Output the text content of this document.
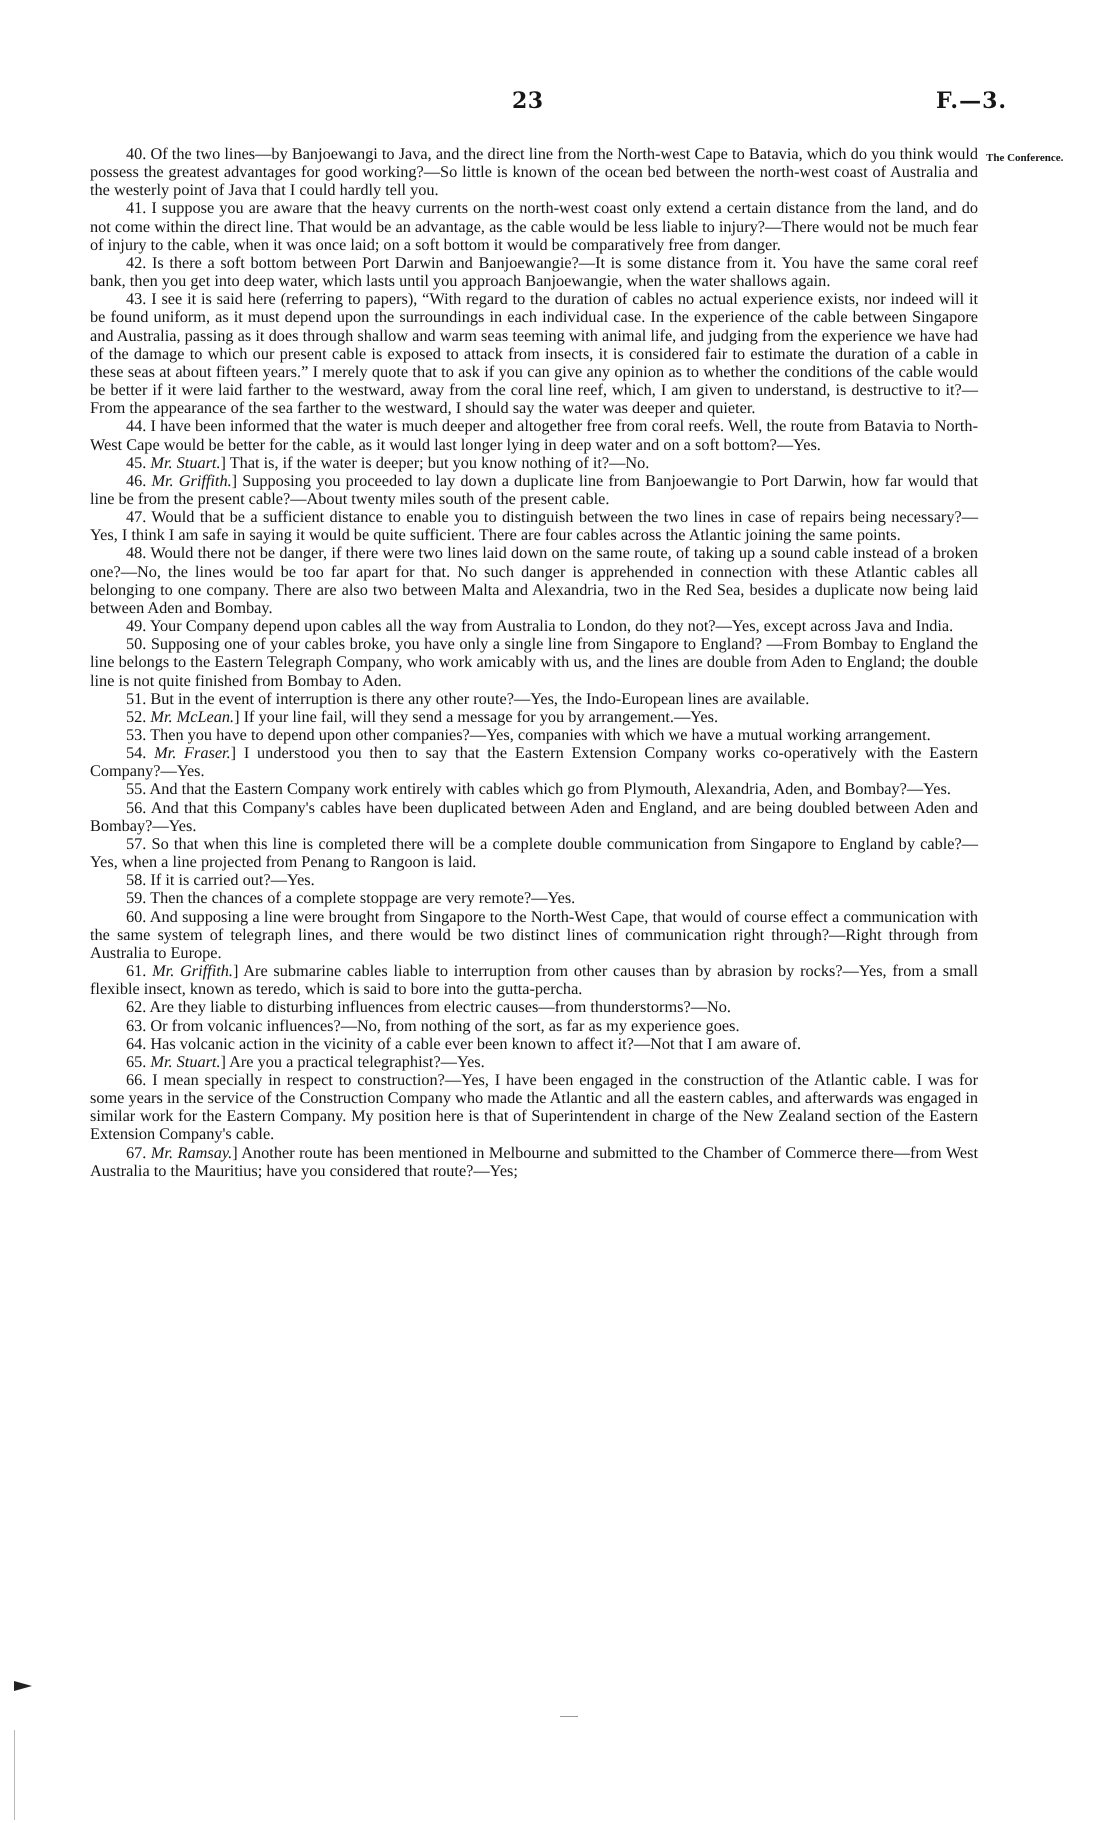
23	F.—3.
The Conference.

40. Of the two lines—by Banjoewangi to Java, and the direct line from the North-west Cape to Batavia, which do you think would possess the greatest advantages for good working?—So little is known of the ocean bed between the north-west coast of Australia and the westerly point of Java that I could hardly tell you.

41. I suppose you are aware that the heavy currents on the north-west coast only extend a certain distance from the land, and do not come within the direct line. That would be an advantage, as the cable would be less liable to injury?—There would not be much fear of injury to the cable, when it was once laid; on a soft bottom it would be comparatively free from danger.

42. Is there a soft bottom between Port Darwin and Banjoewangie?—It is some distance from it. You have the same coral reef bank, then you get into deep water, which lasts until you approach Banjoewangie, when the water shallows again.

43. I see it is said here (referring to papers), “With regard to the duration of cables no actual experience exists, nor indeed will it be found uniform, as it must depend upon the surroundings in each individual case. In the experience of the cable between Singapore and Australia, passing as it does through shallow and warm seas teeming with animal life, and judging from the experience we have had of the damage to which our present cable is exposed to attack from insects, it is considered fair to estimate the duration of a cable in these seas at about fifteen years.” I merely quote that to ask if you can give any opinion as to whether the conditions of the cable would be better if it were laid farther to the westward, away from the coral line reef, which, I am given to understand, is destructive to it?—From the appearance of the sea farther to the westward, I should say the water was deeper and quieter.

44. I have been informed that the water is much deeper and altogether free from coral reefs. Well, the route from Batavia to North-West Cape would be better for the cable, as it would last longer lying in deep water and on a soft bottom?—Yes.

45. Mr. Stuart.] That is, if the water is deeper; but you know nothing of it?—No.

46. Mr. Griffith.] Supposing you proceeded to lay down a duplicate line from Banjoewangie to Port Darwin, how far would that line be from the present cable?—About twenty miles south of the present cable.

47. Would that be a sufficient distance to enable you to distinguish between the two lines in case of repairs being necessary?—Yes, I think I am safe in saying it would be quite sufficient. There are four cables across the Atlantic joining the same points.

48. Would there not be danger, if there were two lines laid down on the same route, of taking up a sound cable instead of a broken one?—No, the lines would be too far apart for that. No such danger is apprehended in connection with these Atlantic cables all belonging to one company. There are also two between Malta and Alexandria, two in the Red Sea, besides a duplicate now being laid between Aden and Bombay.

49. Your Company depend upon cables all the way from Australia to London, do they not?—Yes, except across Java and India.

50. Supposing one of your cables broke, you have only a single line from Singapore to England? —From Bombay to England the line belongs to the Eastern Telegraph Company, who work amicably with us, and the lines are double from Aden to England; the double line is not quite finished from Bombay to Aden.

51. But in the event of interruption is there any other route?—Yes, the Indo-European lines are available.

52. Mr. McLean.] If your line fail, will they send a message for you by arrangement.—Yes.

53. Then you have to depend upon other companies?—Yes, companies with which we have a mutual working arrangement.

54. Mr. Fraser.] I understood you then to say that the Eastern Extension Company works co-operatively with the Eastern Company?—Yes.

55. And that the Eastern Company work entirely with cables which go from Plymouth, Alexandria, Aden, and Bombay?—Yes.

56. And that this Company's cables have been duplicated between Aden and England, and are being doubled between Aden and Bombay?—Yes.

57. So that when this line is completed there will be a complete double communication from Singapore to England by cable?—Yes, when a line projected from Penang to Rangoon is laid.

58. If it is carried out?—Yes.

59. Then the chances of a complete stoppage are very remote?—Yes.

60. And supposing a line were brought from Singapore to the North-West Cape, that would of course effect a communication with the same system of telegraph lines, and there would be two distinct lines of communication right through?—Right through from Australia to Europe.

61. Mr. Griffith.] Are submarine cables liable to interruption from other causes than by abrasion by rocks?—Yes, from a small flexible insect, known as teredo, which is said to bore into the gutta-percha.

62. Are they liable to disturbing influences from electric causes—from thunderstorms?—No.

63. Or from volcanic influences?—No, from nothing of the sort, as far as my experience goes.

64. Has volcanic action in the vicinity of a cable ever been known to affect it?—Not that I am aware of.

65. Mr. Stuart.] Are you a practical telegraphist?—Yes.

66. I mean specially in respect to construction?—Yes, I have been engaged in the construction of the Atlantic cable. I was for some years in the service of the Construction Company who made the Atlantic and all the eastern cables, and afterwards was engaged in similar work for the Eastern Company. My position here is that of Superintendent in charge of the New Zealand section of the Eastern Extension Company's cable.

67. Mr. Ramsay.] Another route has been mentioned in Melbourne and submitted to the Chamber of Commerce there—from West Australia to the Mauritius; have you considered that route?—Yes;
